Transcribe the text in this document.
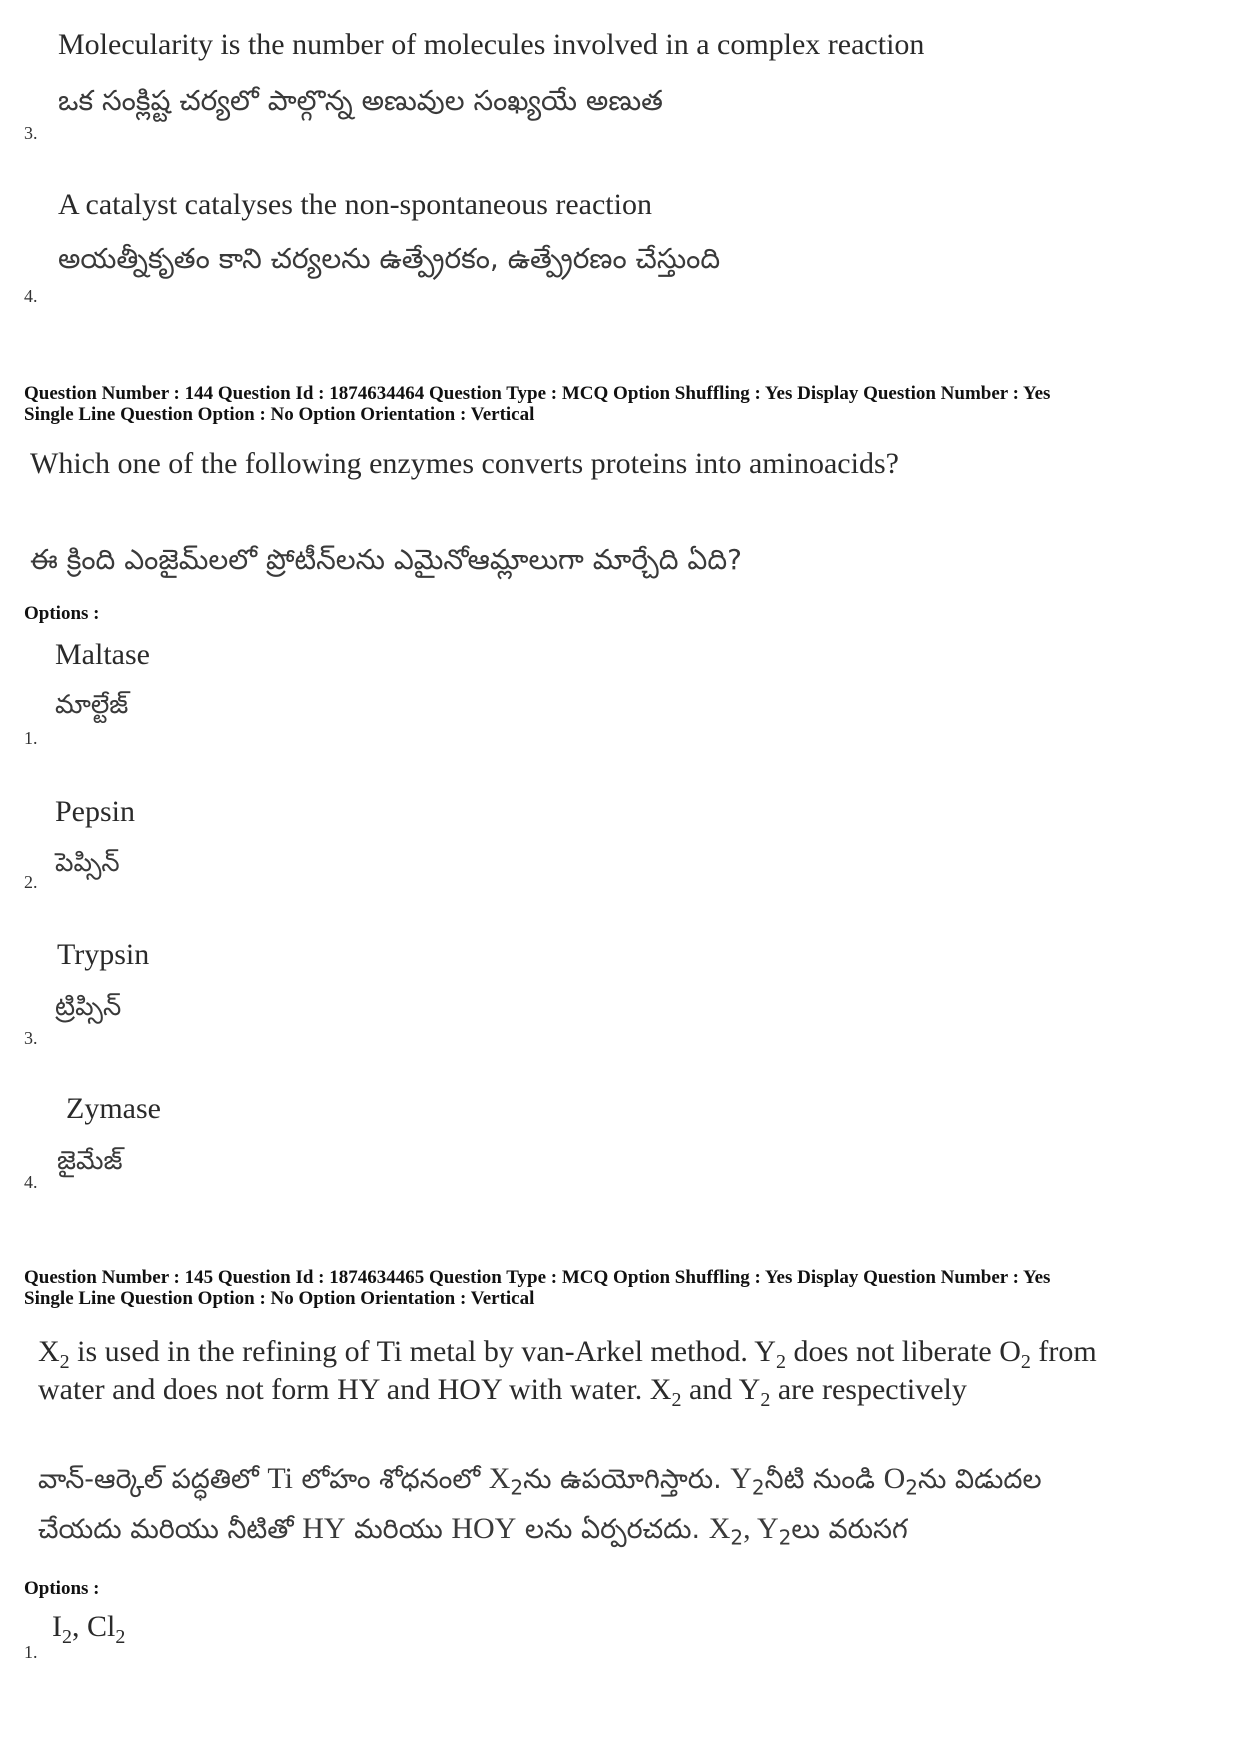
Molecularity is the number of molecules involved in a complex reaction
ఒక సంక్లిష్ట చర్యలో పాల్గొన్న అణువుల సంఖ్యయే అణుత
3.
A catalyst catalyses the non-spontaneous reaction
అయత్నీకృతం కాని చర్యలను ఉత్ప్రేరకం, ఉత్ప్రేరణం చేస్తుంది
4.
Question Number : 144 Question Id : 1874634464 Question Type : MCQ Option Shuffling : Yes Display Question Number : Yes
Single Line Question Option : No Option Orientation : Vertical
Which one of the following enzymes converts proteins into aminoacids?
ఈ క్రింది ఎంజైమ్‌లలో ప్రోటీన్‌లను ఎమైనోఆమ్లాలుగా మార్చేది ఏది?
Options :
Maltase
మాల్టేజ్
1.
Pepsin
పెప్సిన్
2.
Trypsin
ట్రిప్సిన్
3.
Zymase
జైమేజ్
4.
Question Number : 145 Question Id : 1874634465 Question Type : MCQ Option Shuffling : Yes Display Question Number : Yes
Single Line Question Option : No Option Orientation : Vertical
$X_2$ is used in the refining of Ti metal by van-Arkel method. $Y_2$ does not liberate $O_2$ from
water and does not form HY and HOY with water. $X_2$ and $Y_2$ are respectively
వాన్-ఆర్కెల్ పద్ధతిలో Ti లోహం శోధనంలో $X_2ను$ ఉపయోగిస్తారు. $Y_2నీటి$ నుండి $O_2ను$ విడుదల
చేయదు మరియు నీటితో HY మరియు HOY లను ఏర్పరచదు. $X_2$, $Y_2లు$ వరుసగ
Options :
$I_2$, $Cl_2$
1.
